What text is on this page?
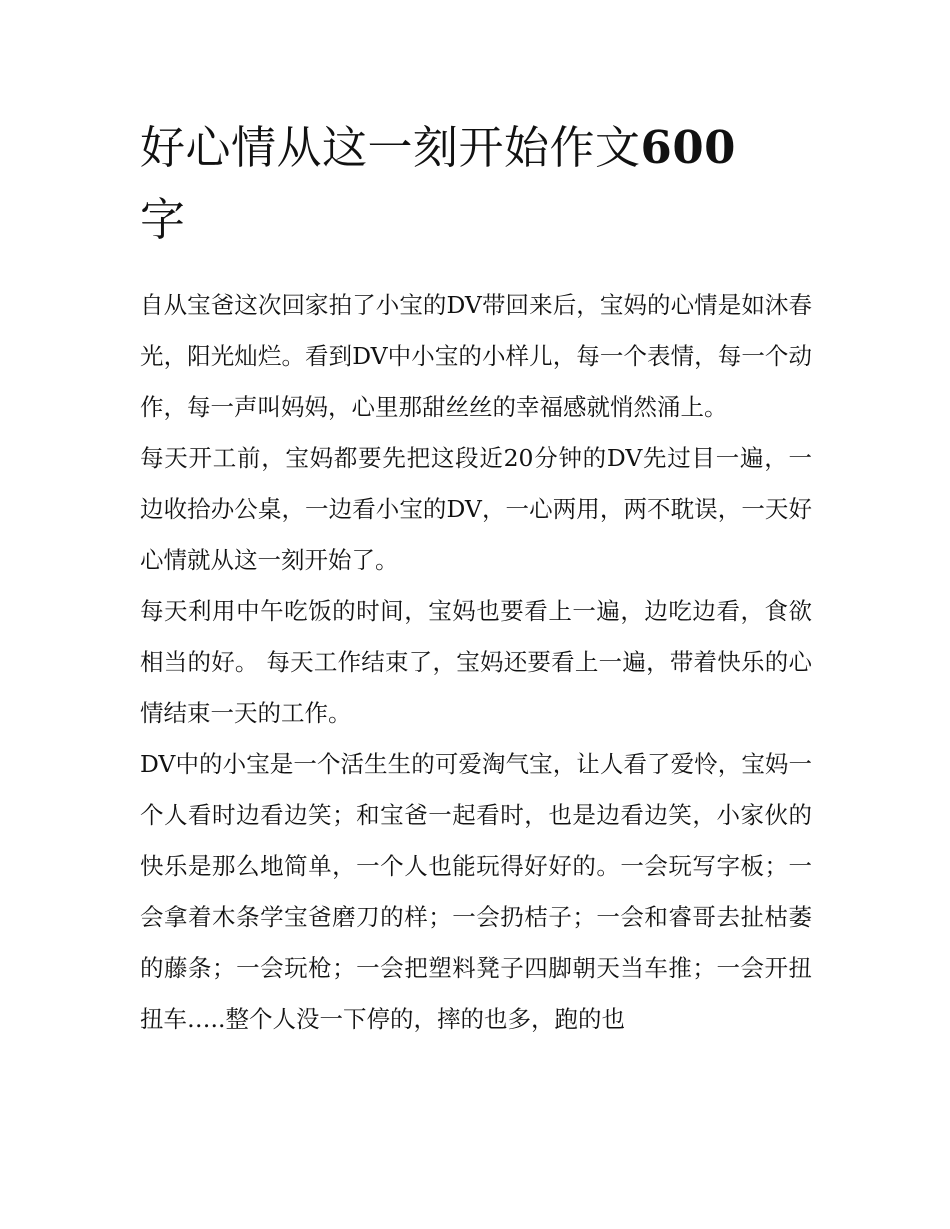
好心情从这一刻开始作文600
字

自从宝爸这次回家拍了小宝的DV带回来后，宝妈的心情是如沐春光，阳光灿烂。看到DV中小宝的小样儿，每一个表情，每一个动作，每一声叫妈妈，心里那甜丝丝的幸福感就悄然涌上。

每天开工前，宝妈都要先把这段近20分钟的DV先过目一遍，一边收拾办公桌，一边看小宝的DV，一心两用，两不耽误，一天好心情就从这一刻开始了。

每天利用中午吃饭的时间，宝妈也要看上一遍，边吃边看，食欲相当的好。 每天工作结束了，宝妈还要看上一遍，带着快乐的心情结束一天的工作。

DV中的小宝是一个活生生的可爱淘气宝，让人看了爱怜，宝妈一个人看时边看边笑；和宝爸一起看时，也是边看边笑，小家伙的快乐是那么地简单，一个人也能玩得好好的。一会玩写字板；一会拿着木条学宝爸磨刀的样；一会扔桔子；一会和睿哥去扯枯萎的藤条；一会玩枪；一会把塑料凳子四脚朝天当车推；一会开扭扭车…..整个人没一下停的，摔的也多，跑的也
